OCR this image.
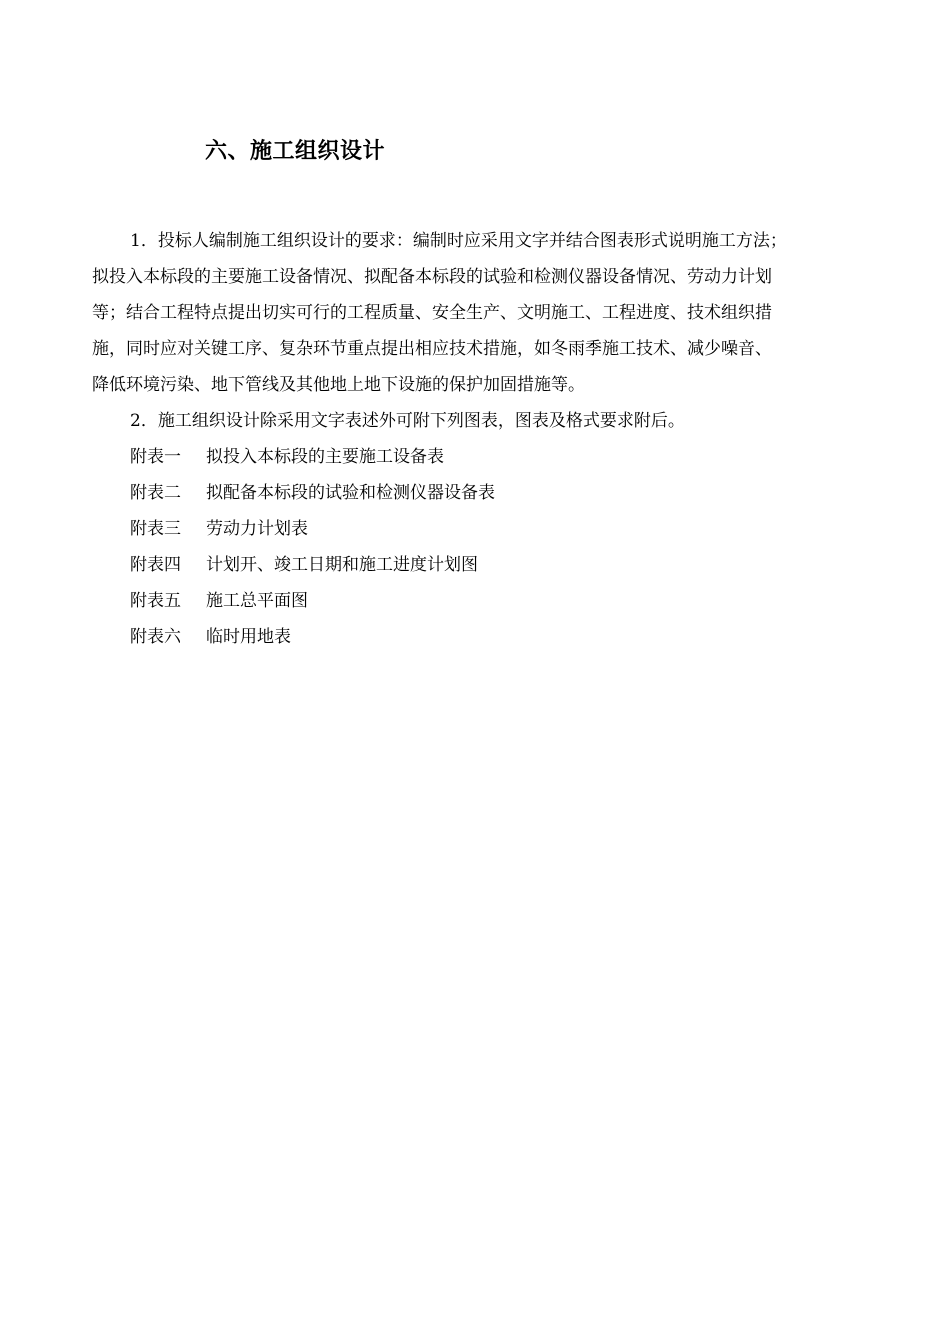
六、施工组织设计
1．投标人编制施工组织设计的要求：编制时应采用文字并结合图表形式说明施工方法；
拟投入本标段的主要施工设备情况、拟配备本标段的试验和检测仪器设备情况、劳动力计划
等；结合工程特点提出切实可行的工程质量、安全生产、文明施工、工程进度、技术组织措
施，同时应对关键工序、复杂环节重点提出相应技术措施，如冬雨季施工技术、减少噪音、
降低环境污染、地下管线及其他地上地下设施的保护加固措施等。
2．施工组织设计除采用文字表述外可附下列图表，图表及格式要求附后。
附表一 拟投入本标段的主要施工设备表
附表二 拟配备本标段的试验和检测仪器设备表
附表三 劳动力计划表
附表四 计划开、竣工日期和施工进度计划图
附表五 施工总平面图
附表六 临时用地表
